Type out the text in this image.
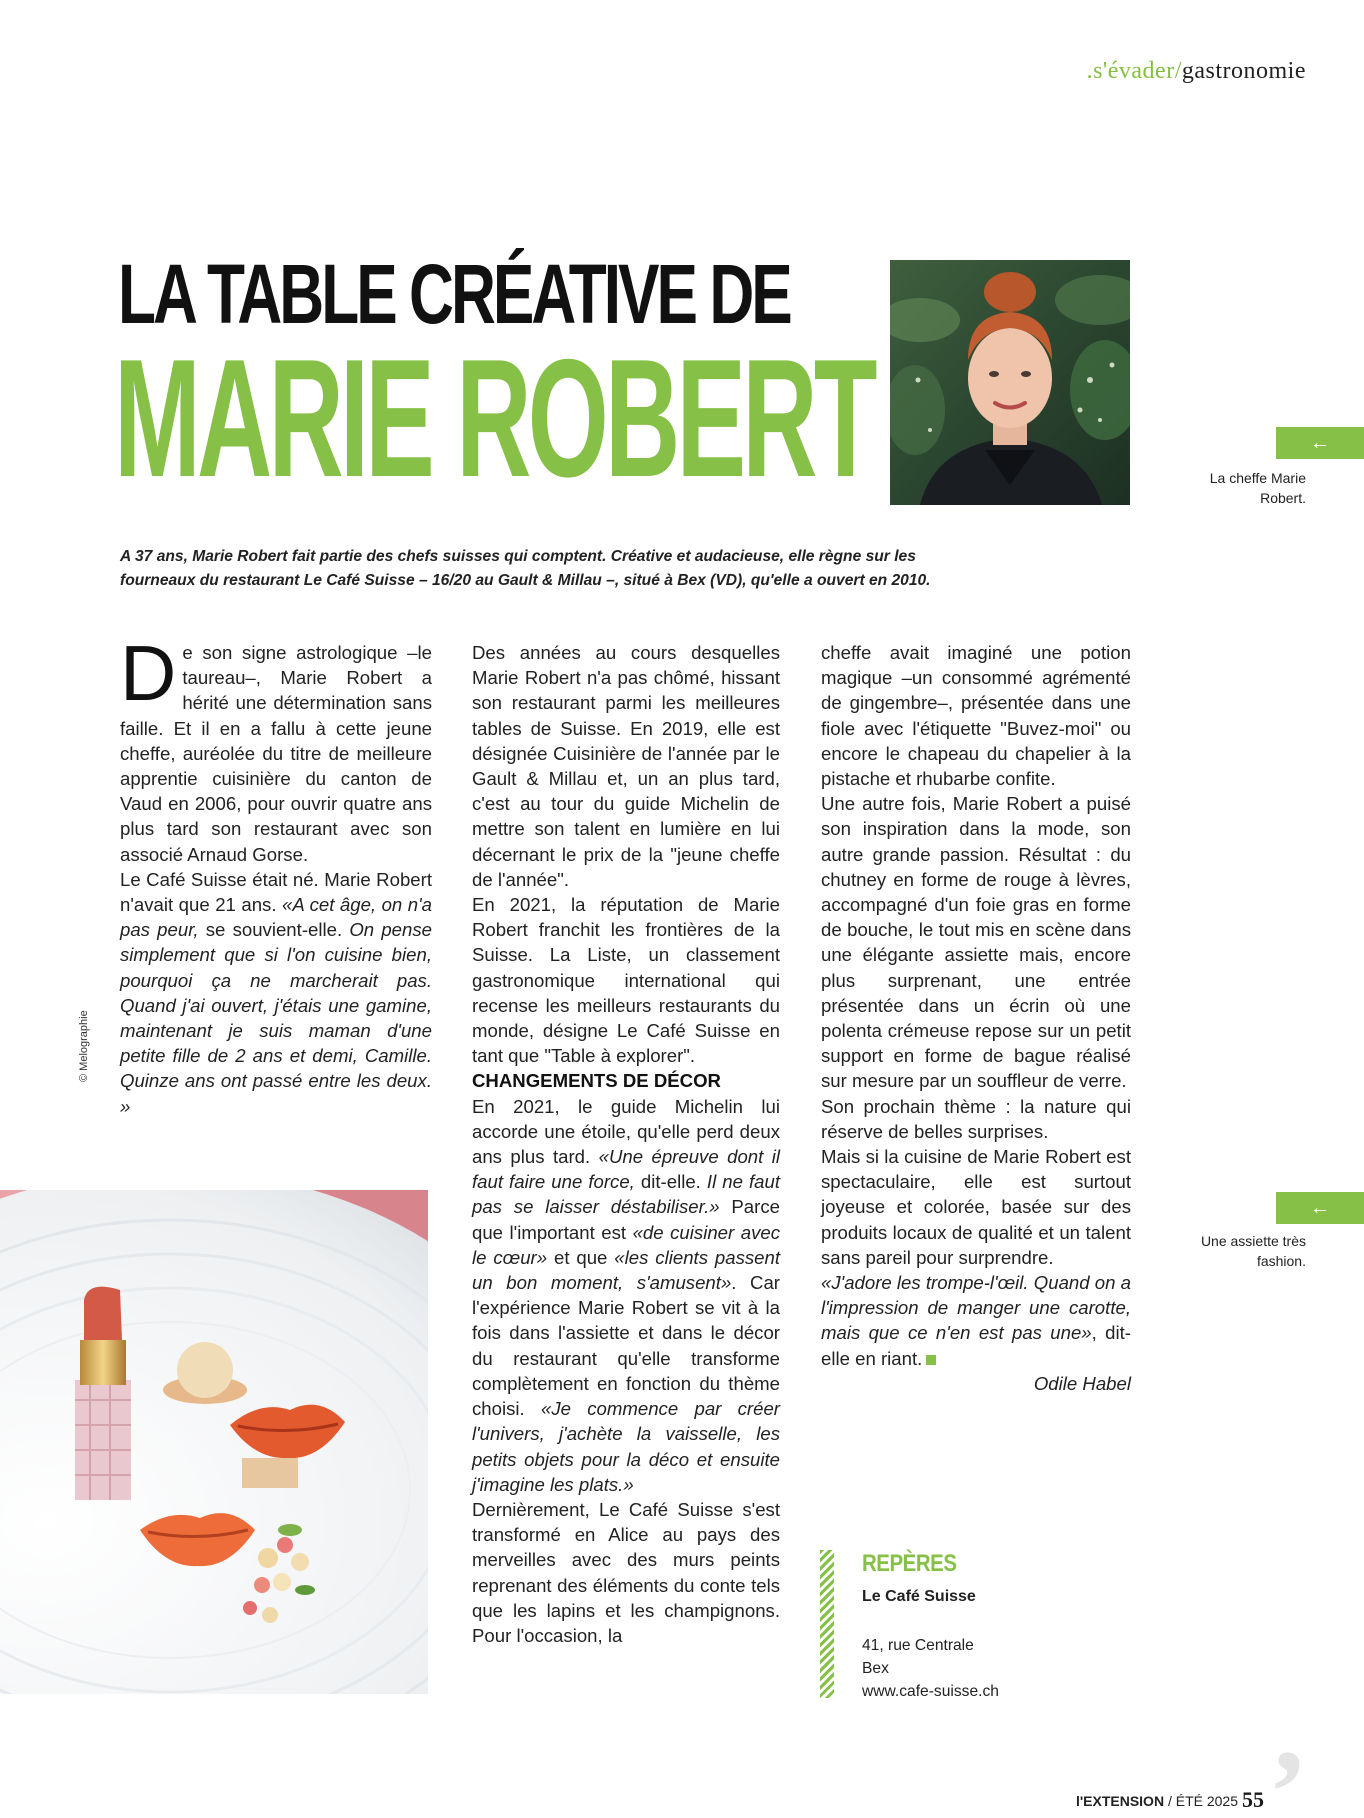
.s'évader/gastronomie
LA TABLE CRÉATIVE DE
MARIE ROBERT	←
La cheffe Marie Robert.
A 37 ans, Marie Robert fait partie des chefs suisses qui comptent. Créative et audacieuse, elle règne sur les fourneaux du restaurant Le Café Suisse – 16/20 au Gault & Millau –, situé à Bex (VD), qu'elle a ouvert en 2010.

De son signe astrologique –le taureau–, Marie Robert a hérité une détermination sans faille. Et il en a fallu à cette jeune cheffe, auréolée du titre de meilleure apprentie cuisinière du canton de Vaud en 2006, pour ouvrir quatre ans plus tard son restaurant avec son associé Arnaud Gorse.

Le Café Suisse était né. Marie Robert n'avait que 21 ans. «A cet âge, on n'a pas peur, se souvient-elle. On pense simplement que si l'on cuisine bien, pourquoi ça ne marcherait pas. Quand j'ai ouvert, j'étais une gamine, maintenant je suis maman d'une petite fille de 2 ans et demi, Camille. Quinze ans ont passé entre les deux. »

© Melographie

Des années au cours desquelles Marie Robert n'a pas chômé, hissant son restaurant parmi les meilleures tables de Suisse. En 2019, elle est désignée Cuisinière de l'année par le Gault & Millau et, un an plus tard, c'est au tour du guide Michelin de mettre son talent en lumière en lui décernant le prix de la "jeune cheffe de l'année".

En 2021, la réputation de Marie Robert franchit les frontières de la Suisse. La Liste, un classement gastronomique international qui recense les meilleurs restaurants du monde, désigne Le Café Suisse en tant que "Table à explorer".

CHANGEMENTS DE DÉCOR

En 2021, le guide Michelin lui accorde une étoile, qu'elle perd deux ans plus tard. «Une épreuve dont il faut faire une force, dit-elle. Il ne faut pas se laisser déstabiliser.» Parce que l'important est «de cuisiner avec le cœur» et que «les clients passent un bon moment, s'amusent». Car l'expérience Marie Robert se vit à la fois dans l'assiette et dans le décor du restaurant qu'elle transforme complètement en fonction du thème choisi. «Je commence par créer l'univers, j'achète la vaisselle, les petits objets pour la déco et ensuite j'imagine les plats.»

Dernièrement, Le Café Suisse s'est transformé en Alice au pays des merveilles avec des murs peints reprenant des éléments du conte tels que les lapins et les champignons. Pour l'occasion, la

cheffe avait imaginé une potion magique –un consommé agrémenté de gingembre–, présentée dans une fiole avec l'étiquette "Buvez-moi" ou encore le chapeau du chapelier à la pistache et rhubarbe confite.

Une autre fois, Marie Robert a puisé son inspiration dans la mode, son autre grande passion. Résultat : du chutney en forme de rouge à lèvres, accompagné d'un foie gras en forme de bouche, le tout mis en scène dans une élégante assiette mais, encore plus surprenant, une entrée présentée dans un écrin où une polenta crémeuse repose sur un petit support en forme de bague réalisé sur mesure par un souffleur de verre.

Son prochain thème : la nature qui réserve de belles surprises.

Mais si la cuisine de Marie Robert est spectaculaire, elle est surtout joyeuse et colorée, basée sur des produits locaux de qualité et un talent sans pareil pour surprendre.

«J'adore les trompe-l'œil. Quand on a l'impression de manger une carotte, mais que ce n'en est pas une», dit-elle en riant.

Odile Habel

←
Une assiette très fashion.
REPÈRES
Le Café Suisse
41, rue Centrale
Bex
www.cafe-suisse.ch
l'EXTENSION / ÉTÉ 2025 55 ’
